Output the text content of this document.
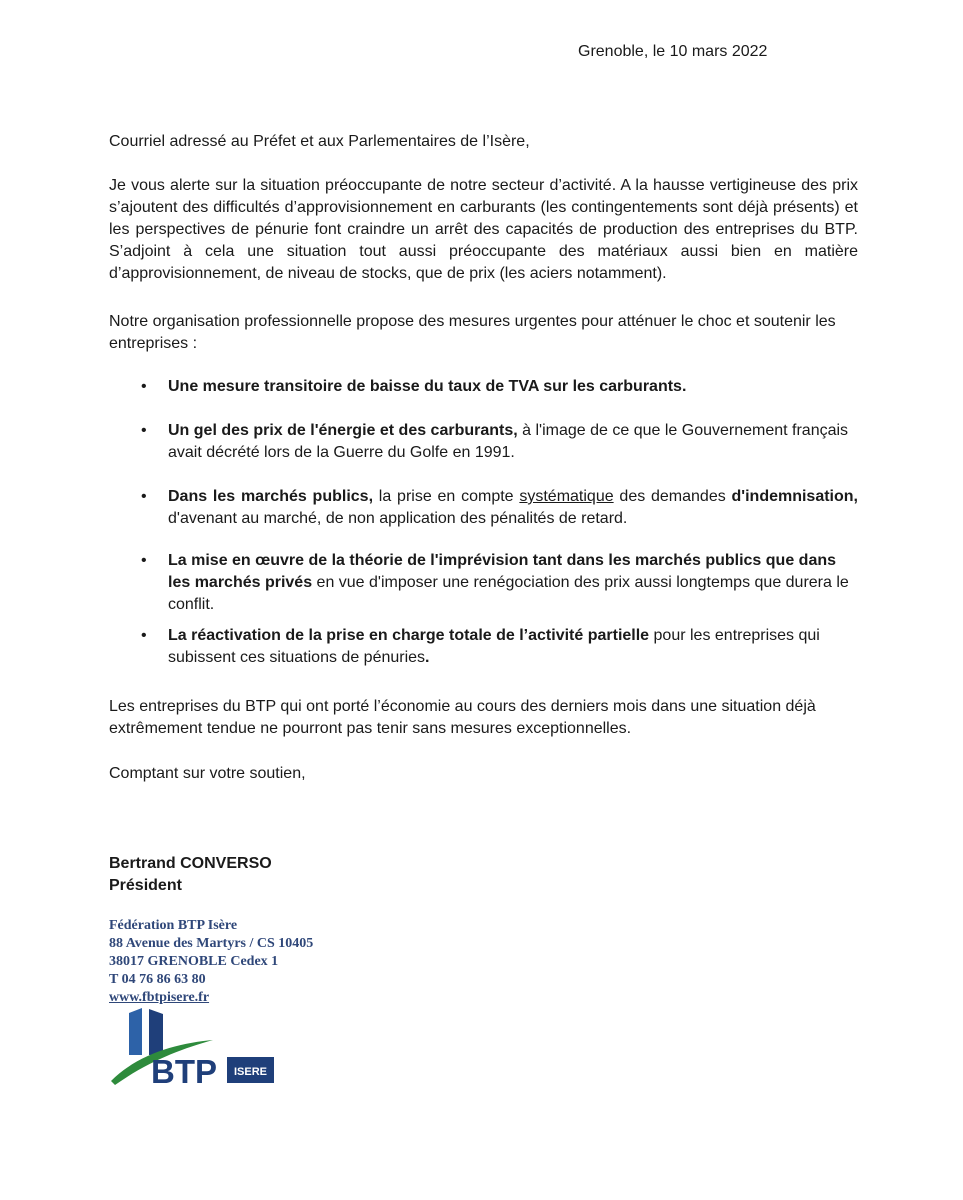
Grenoble, le 10 mars 2022
Courriel adressé au Préfet et aux Parlementaires de l’Isère,
Je vous alerte sur la situation préoccupante de notre secteur d’activité. A la hausse vertigineuse des prix s’ajoutent des difficultés d’approvisionnement en carburants (les contingentements sont déjà présents) et les perspectives de pénurie font craindre un arrêt des capacités de production des entreprises du BTP. S’adjoint à cela une situation tout aussi préoccupante des matériaux aussi bien en matière d’approvisionnement, de niveau de stocks, que de prix (les aciers notamment).
Notre organisation professionnelle propose des mesures urgentes pour atténuer le choc et soutenir les entreprises :
• Une mesure transitoire de baisse du taux de TVA sur les carburants.
• Un gel des prix de l'énergie et des carburants, à l'image de ce que le Gouvernement français avait décrété lors de la Guerre du Golfe en 1991.
• Dans les marchés publics, la prise en compte systématique des demandes d'indemnisation, d'avenant au marché, de non application des pénalités de retard.
• La mise en œuvre de la théorie de l'imprévision tant dans les marchés publics que dans les marchés privés en vue d'imposer une renégociation des prix aussi longtemps que durera le conflit.
• La réactivation de la prise en charge totale de l’activité partielle pour les entreprises qui subissent ces situations de pénuries.
Les entreprises du BTP qui ont porté l’économie au cours des derniers mois dans une situation déjà extrêmement tendue ne pourront pas tenir sans mesures exceptionnelles.
Comptant sur votre soutien,
Bertrand CONVERSO
Président
Fédération BTP Isère
88 Avenue des Martyrs / CS 10405
38017 GRENOBLE Cedex 1
T 04 76 86 63 80
www.fbtpisere.fr
BTP ISERE
